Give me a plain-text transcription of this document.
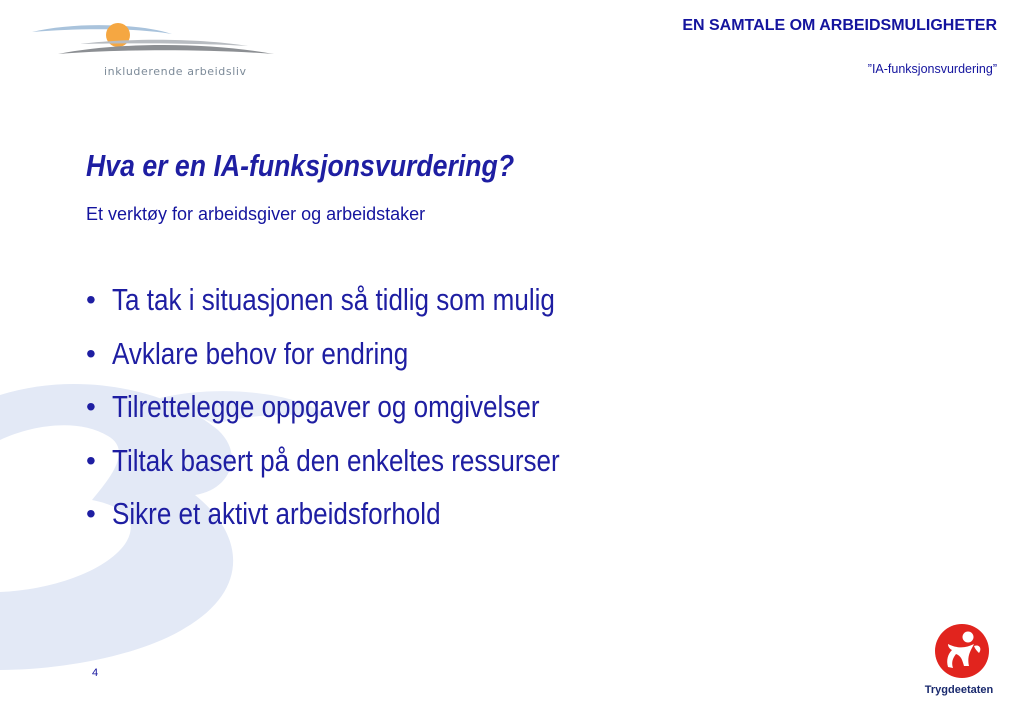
inkluderende arbeidsliv
EN SAMTALE OM ARBEIDSMULIGHETER
”IA-funksjonsvurdering”
Hva er en IA-funksjonsvurdering?
Et verktøy for arbeidsgiver og arbeidstaker
• Ta tak i situasjonen så tidlig som mulig
• Avklare behov for endring
• Tilrettelegge oppgaver og omgivelser
• Tiltak basert på den enkeltes ressurser
• Sikre et aktivt arbeidsforhold
4
Trygdeetaten
